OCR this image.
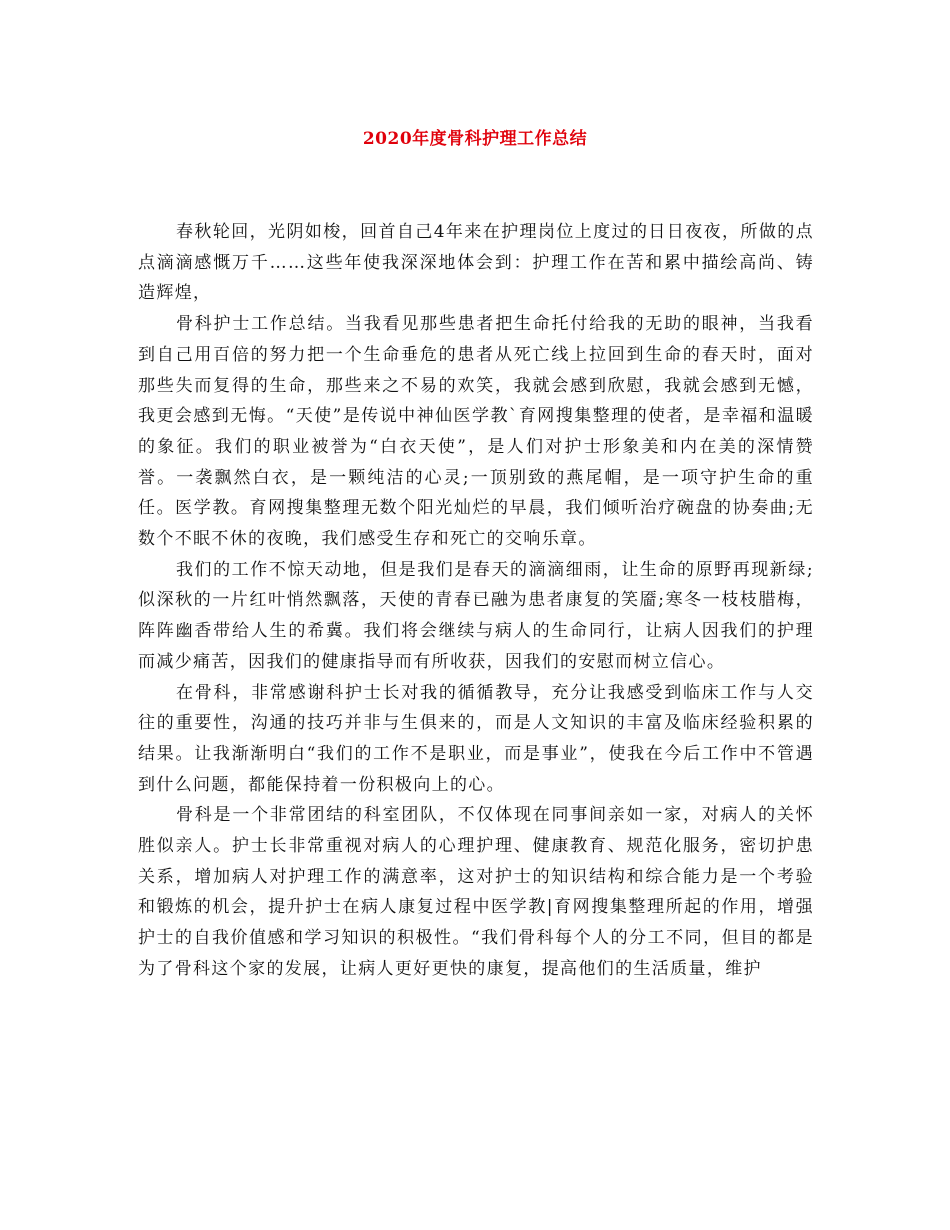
2020年度骨科护理工作总结

春秋轮回，光阴如梭，回首自己4年来在护理岗位上度过的日日夜夜，所做的点点滴滴感慨万千……这些年使我深深地体会到：护理工作在苦和累中描绘高尚、铸造辉煌，

骨科护士工作总结。当我看见那些患者把生命托付给我的无助的眼神，当我看到自己用百倍的努力把一个生命垂危的患者从死亡线上拉回到生命的春天时，面对那些失而复得的生命，那些来之不易的欢笑，我就会感到欣慰，我就会感到无憾，我更会感到无悔。“天使”是传说中神仙医学教`育网搜集整理的使者，是幸福和温暖的象征。我们的职业被誉为“白衣天使”，是人们对护士形象美和内在美的深情赞誉。一袭飘然白衣，是一颗纯洁的心灵;一顶别致的燕尾帽，是一项守护生命的重任。医学教。育网搜集整理无数个阳光灿烂的早晨，我们倾听治疗碗盘的协奏曲;无数个不眠不休的夜晚，我们感受生存和死亡的交响乐章。

我们的工作不惊天动地，但是我们是春天的滴滴细雨，让生命的原野再现新绿;似深秋的一片红叶悄然飘落，天使的青春已融为患者康复的笑靥;寒冬一枝枝腊梅，阵阵幽香带给人生的希冀。我们将会继续与病人的生命同行，让病人因我们的护理而减少痛苦，因我们的健康指导而有所收获，因我们的安慰而树立信心。

在骨科，非常感谢科护士长对我的循循教导，充分让我感受到临床工作与人交往的重要性，沟通的技巧并非与生俱来的，而是人文知识的丰富及临床经验积累的结果。让我渐渐明白“我们的工作不是职业，而是事业”，使我在今后工作中不管遇到什么问题，都能保持着一份积极向上的心。

骨科是一个非常团结的科室团队，不仅体现在同事间亲如一家，对病人的关怀胜似亲人。护士长非常重视对病人的心理护理、健康教育、规范化服务，密切护患关系，增加病人对护理工作的满意率，这对护士的知识结构和综合能力是一个考验和锻炼的机会，提升护士在病人康复过程中医学教|育网搜集整理所起的作用，增强护士的自我价值感和学习知识的积极性。“我们骨科每个人的分工不同，但目的都是为了骨科这个家的发展，让病人更好更快的康复，提高他们的生活质量，维护
